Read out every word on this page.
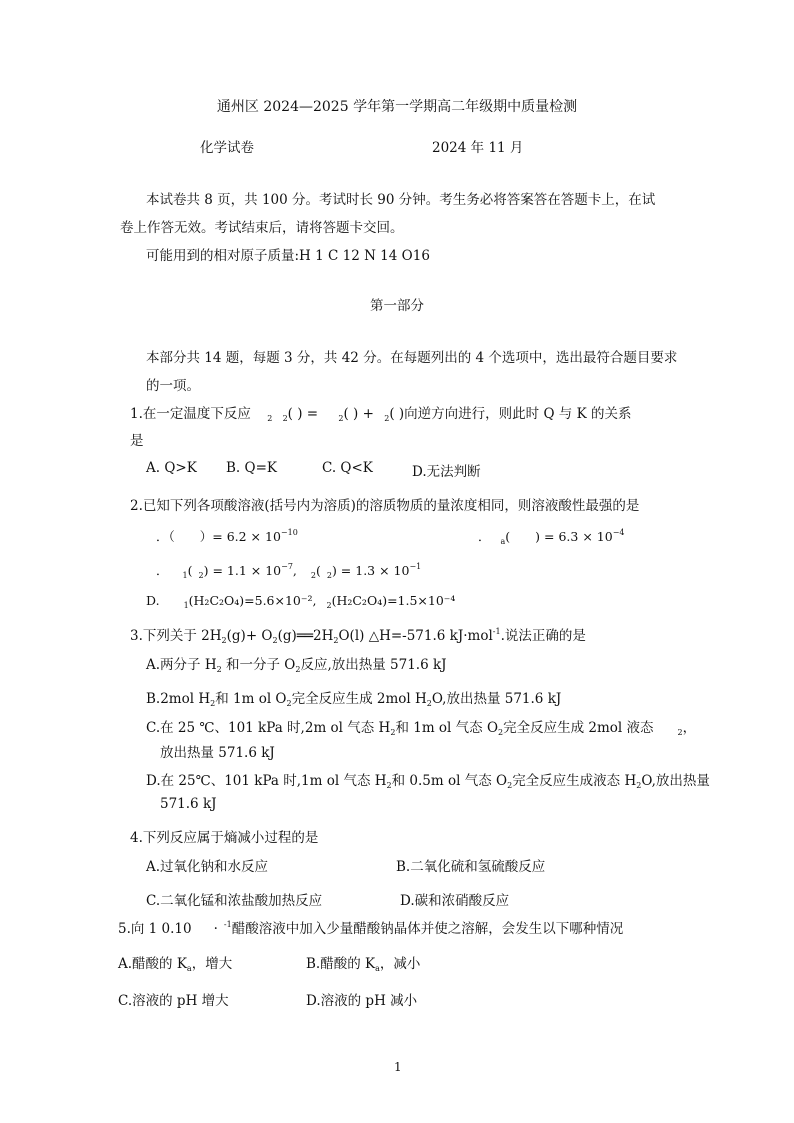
通州区 2024—2025 学年第一学期高二年级期中质量检测
化学试卷	2024 年 11 月
本试卷共 8 页，共 100 分。考试时长 90 分钟。考生务必将答案答在答题卡上，在试
卷上作答无效。考试结束后，请将答题卡交回。
可能用到的相对原子质量:H 1 C 12 N 14 O16
第一部分
本部分共 14 题，每题 3 分，共 42 分。在每题列出的 4 个选项中，选出最符合题目要求
的一项。
1.在一定温度下反应 $_2$ $_2$( ) =	$_2$( ) + $_2$( )向逆方向进行，则此时 Q 与 K 的关系
是
A. Q>K B. Q=K	C. Q<K	D.无法判断
2.已知下列各项酸溶液(括号内为溶质)的溶质物质的量浓度相同，则溶液酸性最强的是
．（　　）= $6.2 \times 10^{-10}$	． $_a$(　　) = $6.3 \times 10^{-4}$
． $_1$( $_2) = 1.1 \times 10^{-7}$, $_2$( $_2) = 1.3 \times 10^{-1}$
D.	$_1$(H₂C₂O₄)=5.6×10⁻², $_2$(H₂C₂O₄)=1.5×10⁻⁴
3.下列关于 $2H_2(g)+$ $O_2(g)══2H_2O(l)$ △H=-571.6 kJ·mol$^{-1}$.说法正确的是
A.两分子 $H_2$ 和一分子 $O_2$反应,放出热量 571.6 kJ
B.2mol $H_2$和 1m ol $O_2$完全反应生成 2mol $H_2O$,放出热量 571.6 kJ
C.在 25 ℃、101 kPa 时,2m ol 气态 $H_2$和 1m ol 气态 $O_2$完全反应生成 2mol 液态	$_2$，
放出热量 571.6 kJ
D.在 25℃、101 kPa 时,1m ol 气态 $H_2$和 0.5m ol 气态 $O_2$完全反应生成液态 $H_2O$,放出热量
571.6 kJ
4.下列反应属于熵减小过程的是
A.过氧化钠和水反应	B.二氧化硫和氢硫酸反应
C.二氧化锰和浓盐酸加热反应	D.碳和浓硝酸反应
5.向 1 0.10 · $^{-1}$醋酸溶液中加入少量醋酸钠晶体并使之溶解，会发生以下哪种情况
A.醋酸的 $K_a$，增大	B.醋酸的 $K_a$，减小
C.溶液的 pH 增大	D.溶液的 pH 减小
1
